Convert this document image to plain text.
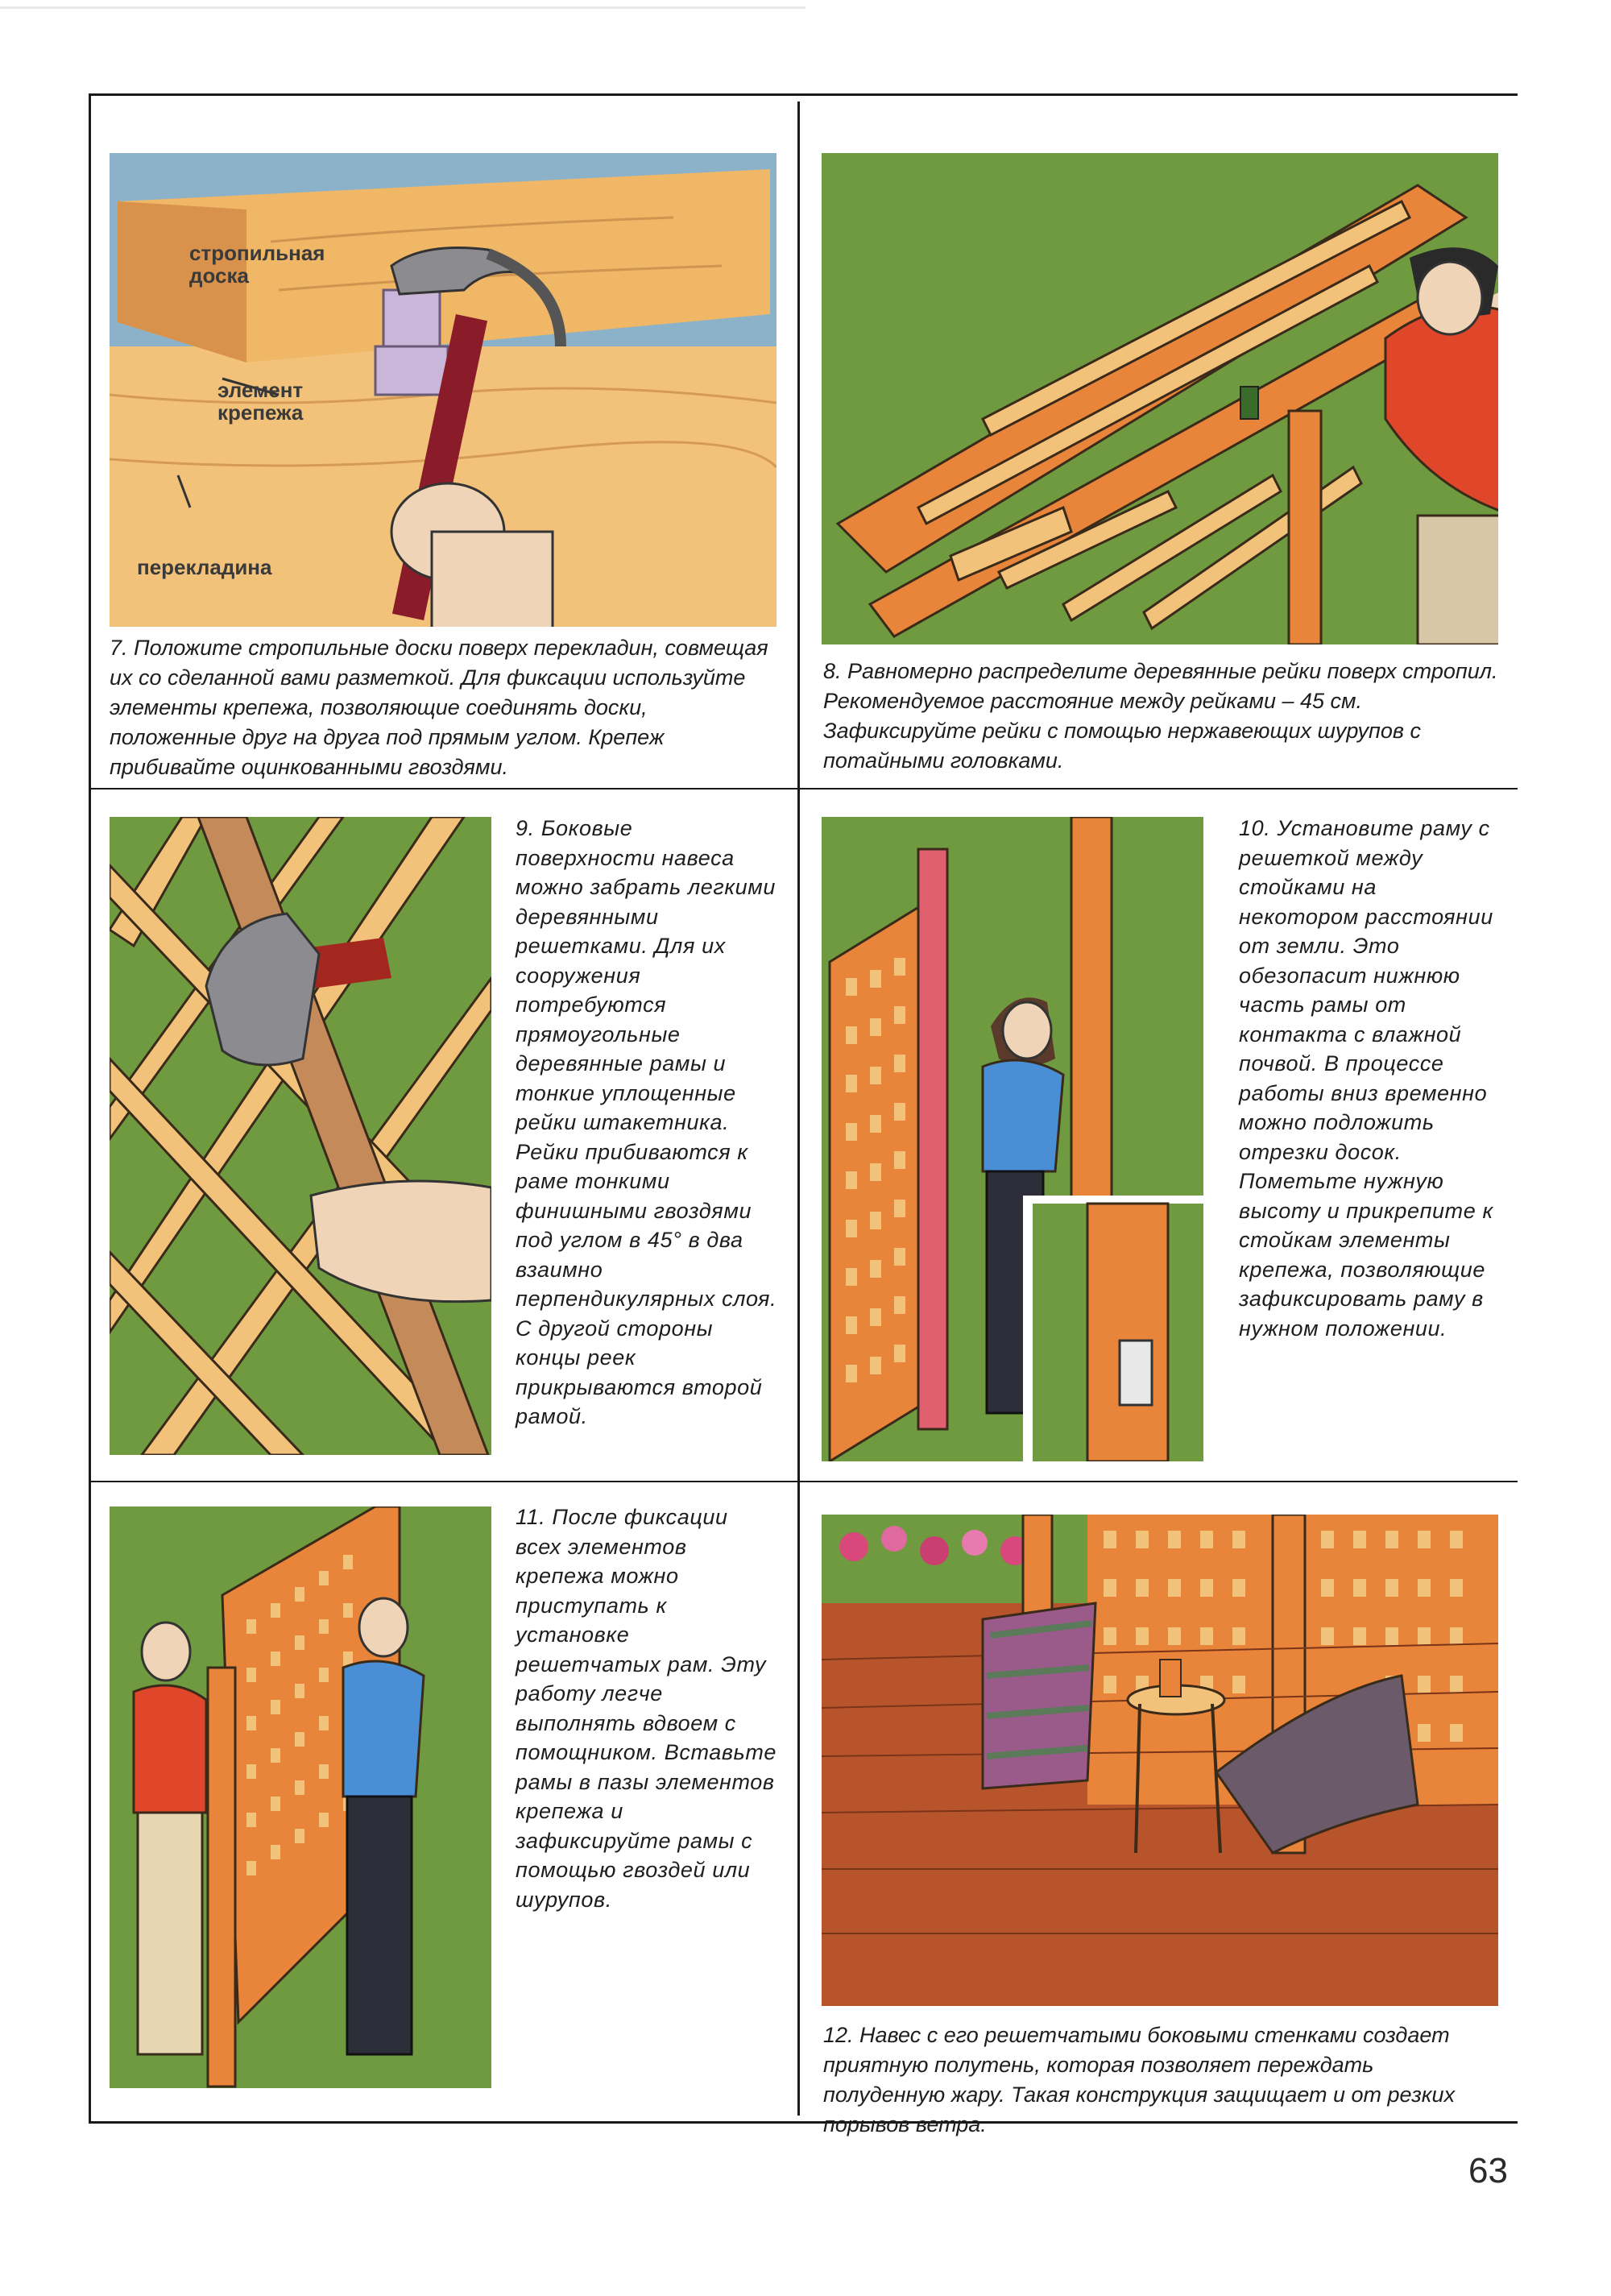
стропильная доска
элемент крепежа
перекладина

7. Положите стропильные доски поверх перекладин, совмещая их со сделанной вами разметкой. Для фиксации используйте элементы крепежа, позволяющие соединять доски, положенные друг на друга под прямым углом. Крепеж прибивайте оцинкованными гвоздями.

8. Равномерно распределите деревянные рейки поверх стропил. Рекомендуемое расстояние между рейками – 45 см. Зафиксируйте рейки с помощью нержавеющих шурупов с потайными головками.

9. Боковые поверхности навеса можно забрать легкими деревянными решетками. Для их сооружения потребуются прямоугольные деревянные рамы и тонкие уплощенные рейки штакетника. Рейки прибиваются к раме тонкими финишными гвоздями под углом в 45° в два взаимно перпендикулярных слоя. С другой стороны концы реек прикрываются второй рамой.

10. Установите раму с решеткой между стойками на некотором расстоянии от земли. Это обезопасит нижнюю часть рамы от контакта с влажной почвой. В процессе работы вниз временно можно подложить отрезки досок. Пометьте нужную высоту и прикрепите к стойкам элементы крепежа, позволяющие зафиксировать раму в нужном положении.

11. После фиксации всех элементов крепежа можно приступать к установке решетчатых рам. Эту работу легче выполнять вдвоем с помощником. Вставьте рамы в пазы элементов крепежа и зафиксируйте рамы с помощью гвоздей или шурупов.

12. Навес с его решетчатыми боковыми стенками создает приятную полутень, которая позволяет переждать полуденную жару. Такая конструкция защищает и от резких порывов ветра.

63
